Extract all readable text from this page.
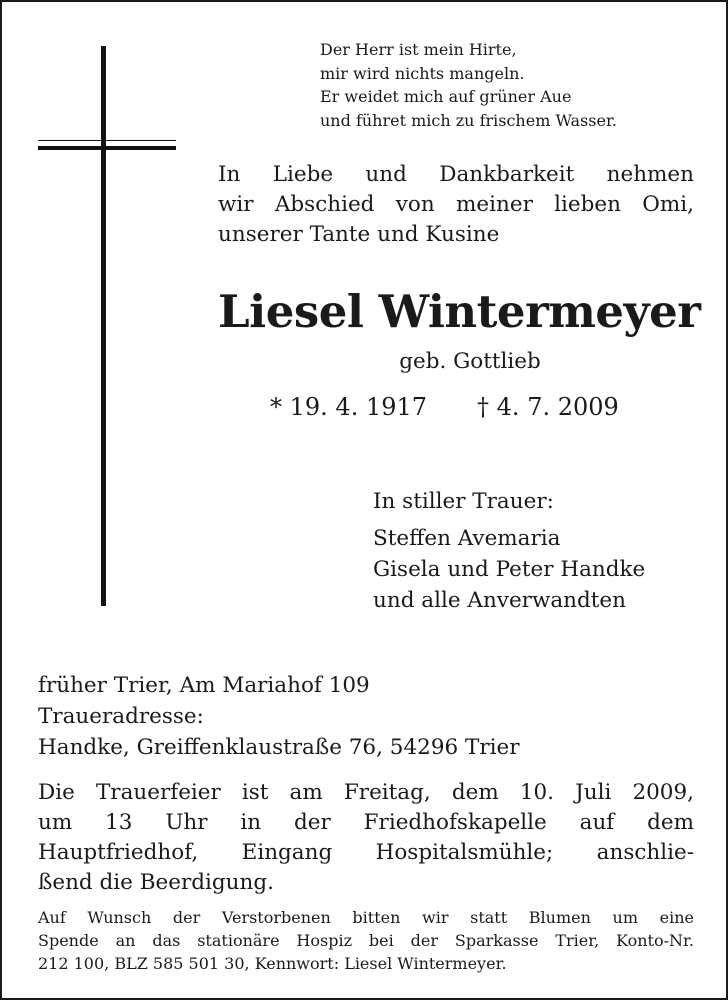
Der Herr ist mein Hirte,
mir wird nichts mangeln.
Er weidet mich auf grüner Aue
und führet mich zu frischem Wasser.
In Liebe und Dankbarkeit nehmen
wir Abschied von meiner lieben Omi,
unserer Tante und Kusine
Liesel Wintermeyer
geb. Gottlieb
* 19. 4. 1917 † 4. 7. 2009
In stiller Trauer:
Steffen Avemaria
Gisela und Peter Handke
und alle Anverwandten
früher Trier, Am Mariahof 109
Traueradresse:
Handke, Greiffenklaustraße 76, 54296 Trier
Die Trauerfeier ist am Freitag, dem 10. Juli 2009,
um 13 Uhr in der Friedhofskapelle auf dem
Hauptfriedhof, Eingang Hospitalsmühle; anschlie-
ßend die Beerdigung.
Auf Wunsch der Verstorbenen bitten wir statt Blumen um eine
Spende an das stationäre Hospiz bei der Sparkasse Trier, Konto-Nr.
212 100, BLZ 585 501 30, Kennwort: Liesel Wintermeyer.
